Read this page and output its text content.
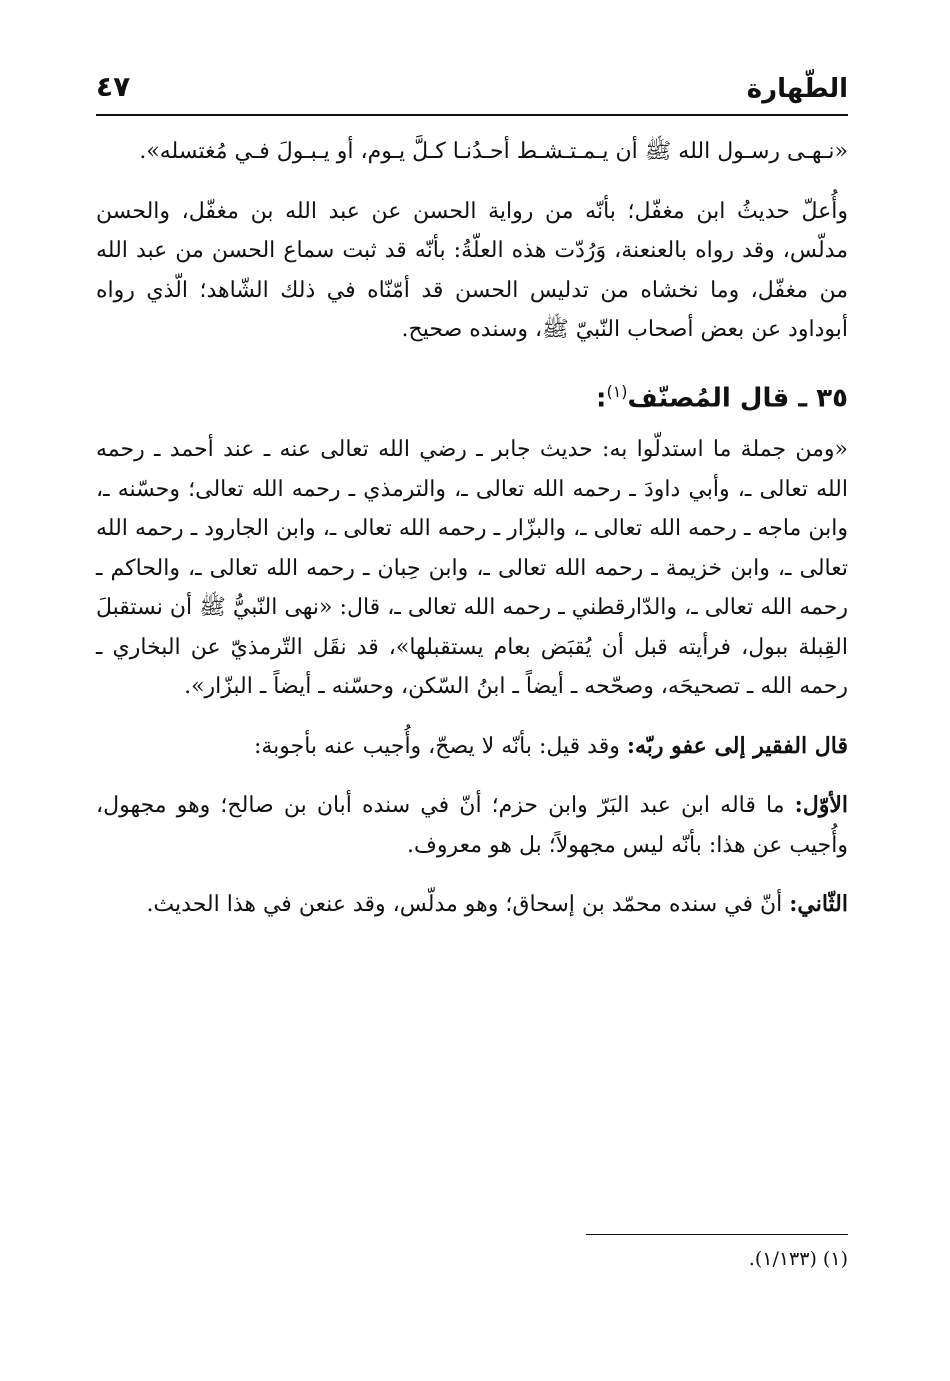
الطّهارة
٤٧

«نـهـى رسـول الله ﷺ أن يـمـتـشـط أحـدُنـا كـلَّ يـوم، أو يـبـولَ فـي مُغتسله».

وأُعلّ حديثُ ابن مغفّل؛ بأنّه من رواية الحسن عن عبد الله بن مغفّل، والحسن مدلّس، وقد رواه بالعنعنة، وَرُدّت هذه العلّةُ: بأنّه قد ثبت سماع الحسن من عبد الله من مغفّل، وما نخشاه من تدليس الحسن قد أمّنّاه في ذلك الشّاهد؛ الّذي رواه أبوداود عن بعض أصحاب النّبيّ ﷺ، وسنده صحيح.

٣٥ ـ قال المُصنّف$^{(١)}$:

«ومن جملة ما استدلّوا به: حديث جابر ـ رضي الله تعالى عنه ـ عند أحمد ـ رحمه الله تعالى ـ، وأبي داودَ ـ رحمه الله تعالى ـ، والترمذي ـ رحمه الله تعالى؛ وحسّنه ـ، وابن ماجه ـ رحمه الله تعالى ـ، والبزّار ـ رحمه الله تعالى ـ، وابن الجارود ـ رحمه الله تعالى ـ، وابن خزيمة ـ رحمه الله تعالى ـ، وابن حِبان ـ رحمه الله تعالى ـ، والحاكم ـ رحمه الله تعالى ـ، والدّارقطني ـ رحمه الله تعالى ـ، قال: «نهى النّبيُّ ﷺ أن نستقبلَ القِبلة ببول، فرأيته قبل أن يُقبَض بعام يستقبلها»، قد نقَل التّرمذيّ عن البخاري ـ رحمه الله ـ تصحيحَه، وصحّحه ـ أيضاً ـ ابنُ السّكن، وحسّنه ـ أيضاً ـ البزّار».

قال الفقير إلى عفو ربّه: وقد قيل: بأنّه لا يصحّ، وأُجيب عنه بأجوبة:

الأوّل: ما قاله ابن عبد البَرّ وابن حزم؛ أنّ في سنده أبان بن صالح؛ وهو مجهول، وأُجيب عن هذا: بأنّه ليس مجهولاً؛ بل هو معروف.

الثّاني: أنّ في سنده محمّد بن إسحاق؛ وهو مدلّس، وقد عنعن في هذا الحديث.

(١) (١/١٣٣).
